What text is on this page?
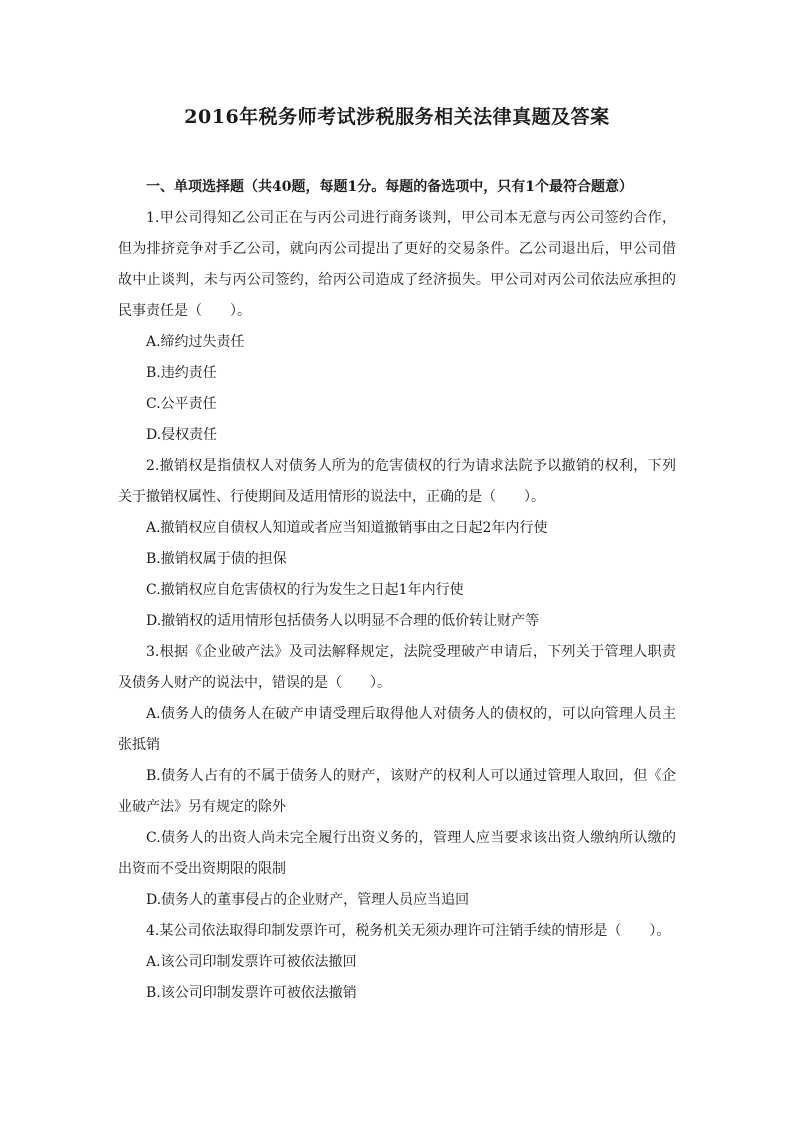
2016年税务师考试涉税服务相关法律真题及答案
一、单项选择题（共40题，每题1分。每题的备选项中，只有1个最符合题意）

1.甲公司得知乙公司正在与丙公司进行商务谈判，甲公司本无意与丙公司签约合作，但为排挤竞争对手乙公司，就向丙公司提出了更好的交易条件。乙公司退出后，甲公司借故中止谈判，未与丙公司签约，给丙公司造成了经济损失。甲公司对丙公司依法应承担的民事责任是（　　）。

A.缔约过失责任

B.违约责任

C.公平责任

D.侵权责任

2.撤销权是指债权人对债务人所为的危害债权的行为请求法院予以撤销的权利，下列关于撤销权属性、行使期间及适用情形的说法中，正确的是（　　）。

A.撤销权应自债权人知道或者应当知道撤销事由之日起2年内行使

B.撤销权属于债的担保

C.撤销权应自危害债权的行为发生之日起1年内行使

D.撤销权的适用情形包括债务人以明显不合理的低价转让财产等

3.根据《企业破产法》及司法解释规定，法院受理破产申请后，下列关于管理人职责及债务人财产的说法中，错误的是（　　）。

A.债务人的债务人在破产申请受理后取得他人对债务人的债权的，可以向管理人员主张抵销

B.债务人占有的不属于债务人的财产，该财产的权利人可以通过管理人取回，但《企业破产法》另有规定的除外

C.债务人的出资人尚未完全履行出资义务的，管理人应当要求该出资人缴纳所认缴的出资而不受出资期限的限制

D.债务人的董事侵占的企业财产，管理人员应当追回

4.某公司依法取得印制发票许可，税务机关无须办理许可注销手续的情形是（　　）。

A.该公司印制发票许可被依法撤回

B.该公司印制发票许可被依法撤销
